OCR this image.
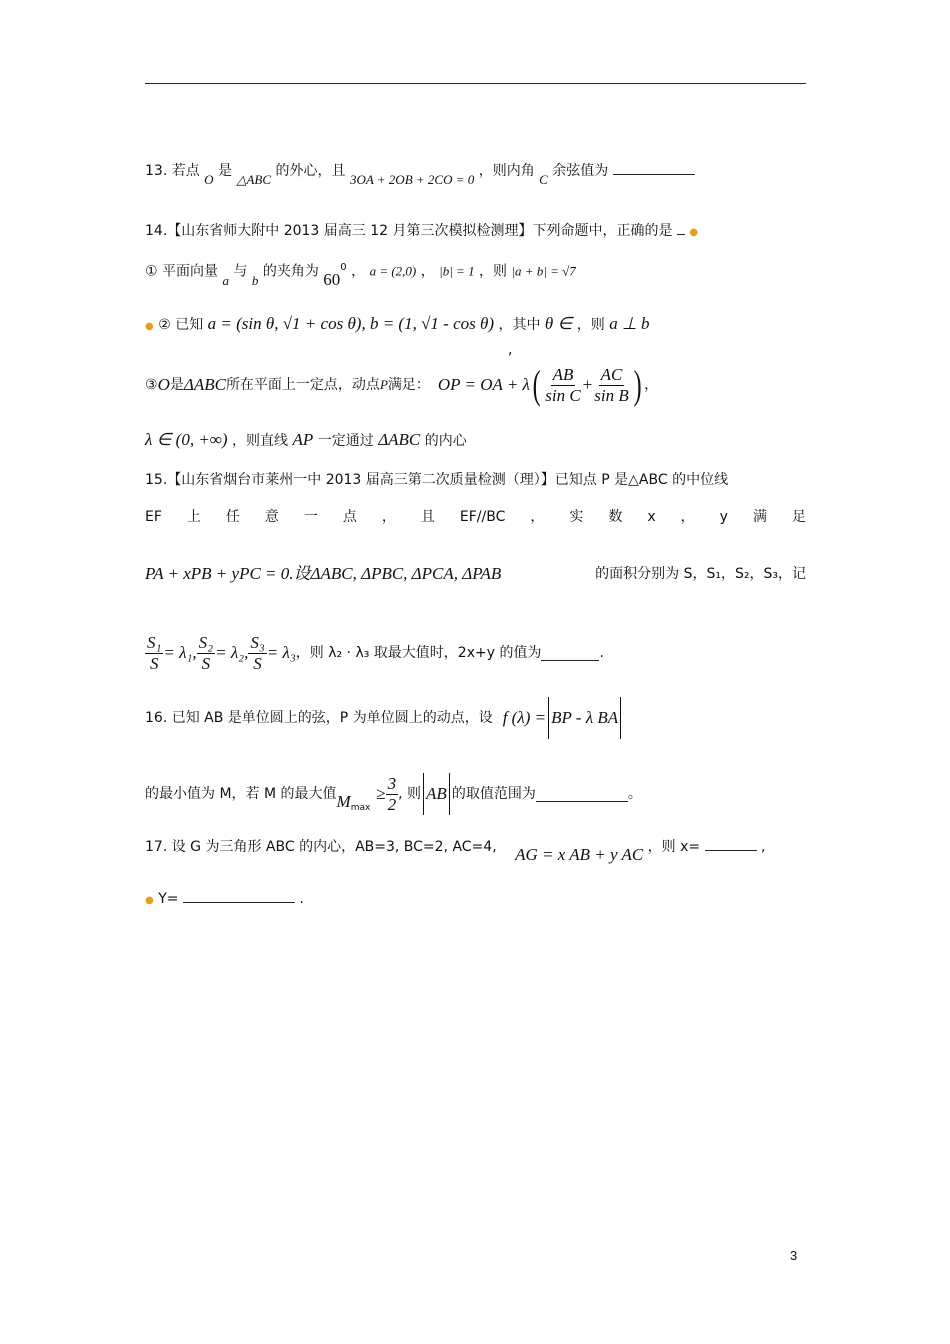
13. 若点 O 是 △ABC 的外心，且 3OA + 2OB + 2CO = 0 ，则内角 C 余弦值为
14.【山东省师大附中 2013 届高三 12 月第三次模拟检测理】下列命题中，正确的是 ●
① 平面向量 a 与 b 的夹角为 $60^0$ ， a = (2,0) ， |b| = 1 ，则 |a + b| = √7
● ② 已知 a = (sin θ, √1 + cos θ), b = (1, √1 - cos θ) ，其中 θ ∈ ，则 a ⊥ b
,
③ O 是 ΔABC 所在平面上一定点，动点 P 满足： OP = OA + λ ( $\frac{AB}{\text{sin C}} + \frac{AC}{\text{sin B}}$ ) ，
λ ∈ (0, +∞) ，则直线 AP 一定通过 ΔABC 的内心
15.【山东省烟台市莱州一中 2013 届高三第二次质量检测（理）】已知点 P 是△ABC 的中位线
EF 上 任 意 一 点 ， 且 EF//BC ， 实 数 x ， y 满 足
PA + xPB + yPC = 0.设ΔABC, ΔPBC, ΔPCA, ΔPAB	的面积分别为 S，S₁，S₂，S₃，记
$\frac{\text{S₁}}{S} = \lambda_1$, $\frac{\text{S₂}}{S} = \lambda_2$, $\frac{\text{S₃}}{S} = \lambda_3$ ，则 λ₂ · λ₃ 取最大值时，2x+y 的值为	.
16. 已知 AB 是单位圆上的弦，P 为单位圆上的动点，设 f (λ) = BP - λ BA
的最小值为 M，若 M 的最大值 M max
≥ $\frac{3}{2}$ , 则 AB 的取值范围为	。
17. 设 G 为三角形 ABC 的内心，AB=3, BC=2, AC=4, AG = x AB + y AC ，则 x=	,
● Y=	.
3
